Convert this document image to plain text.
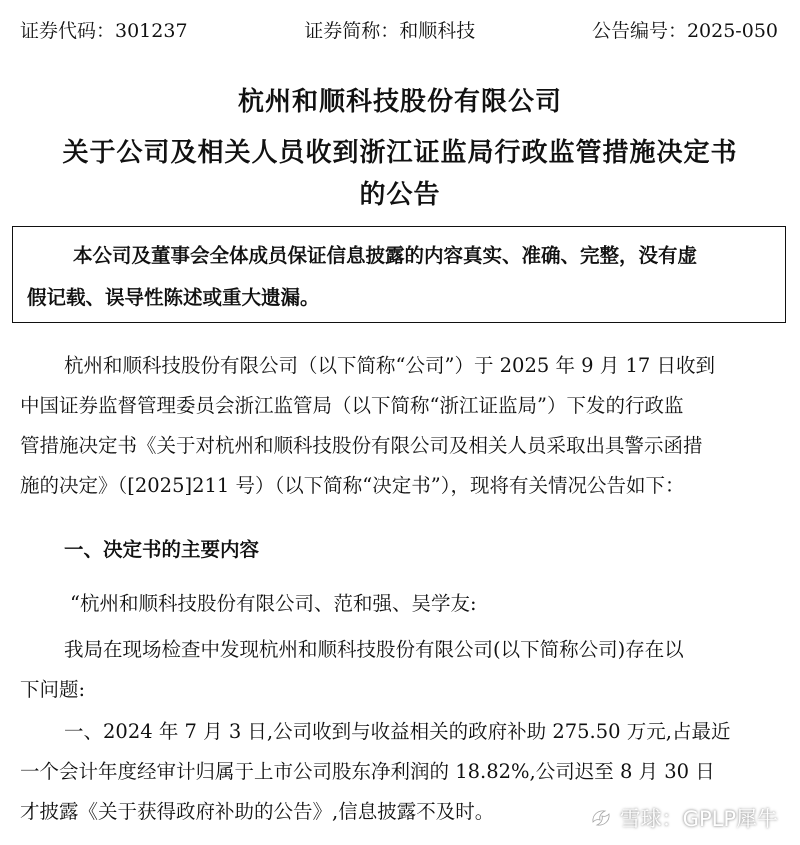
证券代码：301237	证券简称：和顺科技	公告编号：2025-050
杭州和顺科技股份有限公司
关于公司及相关人员收到浙江证监局行政监管措施决定书
的公告
本公司及董事会全体成员保证信息披露的内容真实、准确、完整，没有虚
假记载、误导性陈述或重大遗漏。
杭州和顺科技股份有限公司（以下简称“公司”）于 2025 年 9 月 17 日收到
中国证券监督管理委员会浙江监管局（以下简称“浙江证监局”）下发的行政监
管措施决定书《关于对杭州和顺科技股份有限公司及相关人员采取出具警示函措
施的决定》（[2025]211 号）（以下简称“决定书”），现将有关情况公告如下：
一、决定书的主要内容
“杭州和顺科技股份有限公司、范和强、吴学友:
我局在现场检查中发现杭州和顺科技股份有限公司(以下简称公司)存在以
下问题:
一、2024 年 7 月 3 日,公司收到与收益相关的政府补助 275.50 万元,占最近
一个会计年度经审计归属于上市公司股东净利润的 18.82%,公司迟至 8 月 30 日
才披露《关于获得政府补助的公告》,信息披露不及时。	雪球：GPLP犀牛
